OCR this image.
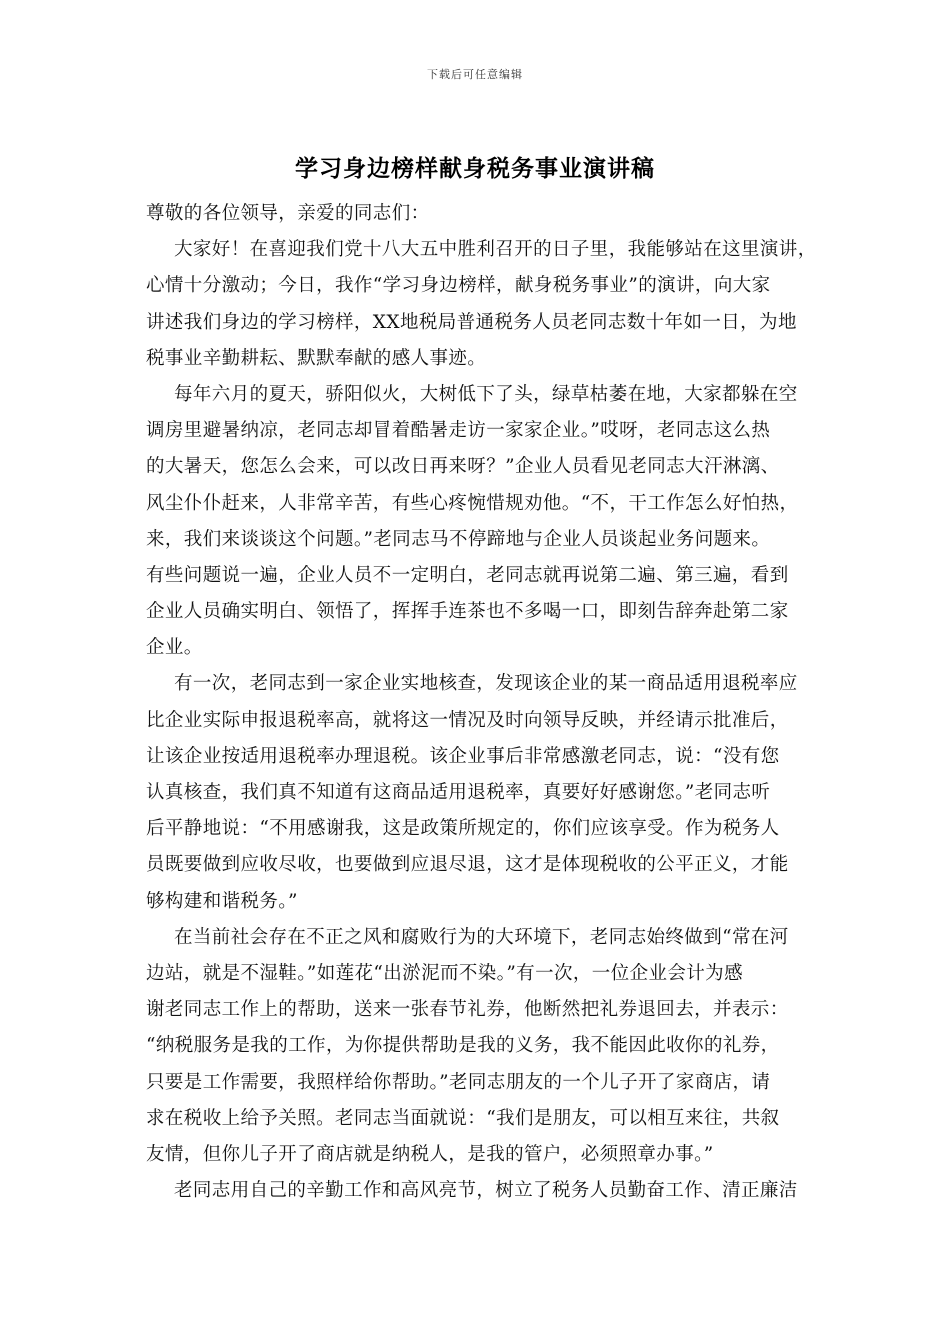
下载后可任意编辑
学习身边榜样献身税务事业演讲稿
尊敬的各位领导，亲爱的同志们：
大家好！在喜迎我们党十八大五中胜利召开的日子里，我能够站在这里演讲，
心情十分激动；今日，我作“学习身边榜样，献身税务事业”的演讲，向大家
讲述我们身边的学习榜样，XX地税局普通税务人员老同志数十年如一日，为地
税事业辛勤耕耘、默默奉献的感人事迹。
每年六月的夏天，骄阳似火，大树低下了头，绿草枯萎在地，大家都躲在空
调房里避暑纳凉，老同志却冒着酷暑走访一家家企业。”哎呀，老同志这么热
的大暑天，您怎么会来，可以改日再来呀？”企业人员看见老同志大汗淋漓、
风尘仆仆赶来，人非常辛苦，有些心疼惋惜规劝他。“不，干工作怎么好怕热，
来，我们来谈谈这个问题。”老同志马不停蹄地与企业人员谈起业务问题来。
有些问题说一遍，企业人员不一定明白，老同志就再说第二遍、第三遍，看到
企业人员确实明白、领悟了，挥挥手连茶也不多喝一口，即刻告辞奔赴第二家
企业。
有一次，老同志到一家企业实地核查，发现该企业的某一商品适用退税率应
比企业实际申报退税率高，就将这一情况及时向领导反映，并经请示批准后，
让该企业按适用退税率办理退税。该企业事后非常感激老同志，说：“没有您
认真核查，我们真不知道有这商品适用退税率，真要好好感谢您。”老同志听
后平静地说：“不用感谢我，这是政策所规定的，你们应该享受。作为税务人
员既要做到应收尽收，也要做到应退尽退，这才是体现税收的公平正义，才能
够构建和谐税务。”
在当前社会存在不正之风和腐败行为的大环境下，老同志始终做到“常在河
边站，就是不湿鞋。”如莲花“出淤泥而不染。”有一次，一位企业会计为感
谢老同志工作上的帮助，送来一张春节礼券，他断然把礼券退回去，并表示：
“纳税服务是我的工作，为你提供帮助是我的义务，我不能因此收你的礼券，
只要是工作需要，我照样给你帮助。”老同志朋友的一个儿子开了家商店，请
求在税收上给予关照。老同志当面就说：“我们是朋友，可以相互来往，共叙
友情，但你儿子开了商店就是纳税人，是我的管户，必须照章办事。”
老同志用自己的辛勤工作和高风亮节，树立了税务人员勤奋工作、清正廉洁
